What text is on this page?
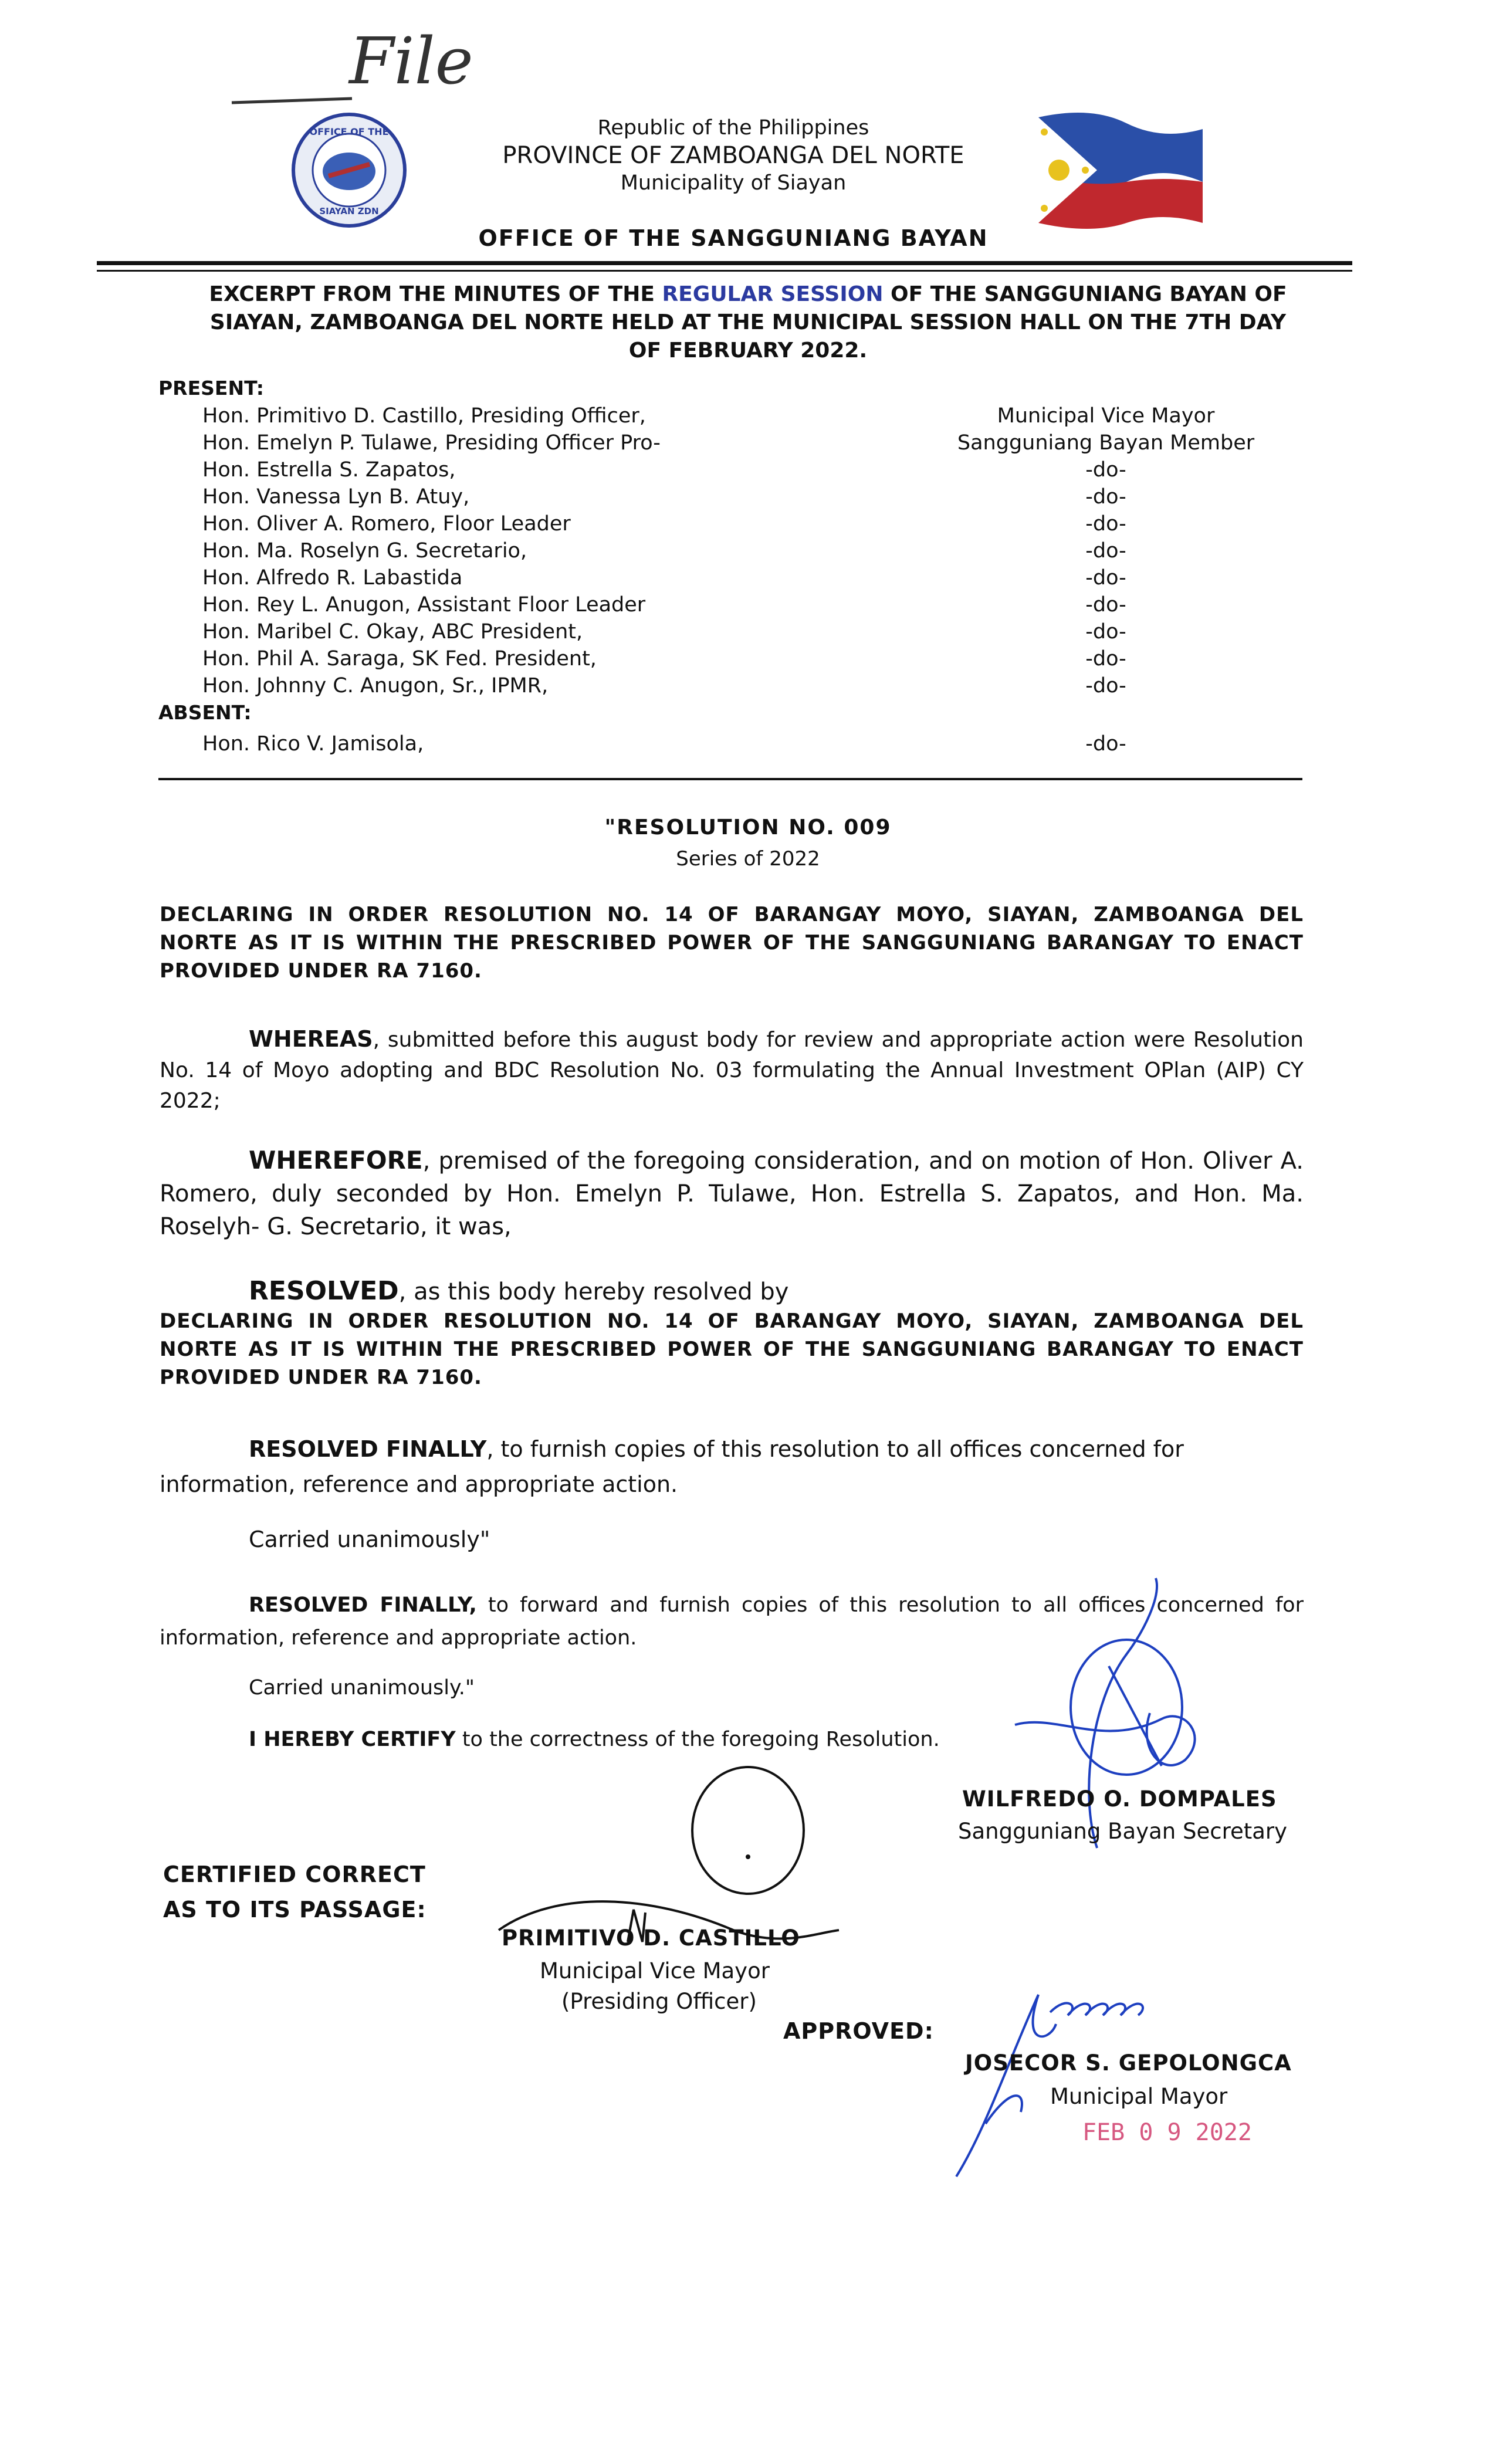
File
OFFICE OF THE
SIAYAN ZDN
Republic of the Philippines
PROVINCE OF ZAMBOANGA DEL NORTE
Municipality of Siayan
OFFICE OF THE SANGGUNIANG BAYAN
EXCERPT FROM THE MINUTES OF THE REGULAR SESSION OF THE SANGGUNIANG BAYAN OF SIAYAN, ZAMBOANGA DEL NORTE HELD AT THE MUNICIPAL SESSION HALL ON THE 7TH DAY OF FEBRUARY 2022.
PRESENT:
Hon. Primitivo D. Castillo, Presiding Officer,	Municipal Vice Mayor
Hon. Emelyn P. Tulawe, Presiding Officer Pro-	Sangguniang Bayan Member
Hon. Estrella S. Zapatos,	-do-
Hon. Vanessa Lyn B. Atuy,	-do-
Hon. Oliver A. Romero, Floor Leader	-do-
Hon. Ma. Roselyn G. Secretario,	-do-
Hon. Alfredo R. Labastida	-do-
Hon. Rey L. Anugon, Assistant Floor Leader	-do-
Hon. Maribel C. Okay, ABC President,	-do-
Hon. Phil A. Saraga, SK Fed. President,	-do-
Hon. Johnny C. Anugon, Sr., IPMR,	-do-
ABSENT:
Hon. Rico V. Jamisola,	-do-
"RESOLUTION NO. 009
Series of 2022
DECLARING IN ORDER RESOLUTION NO. 14 OF BARANGAY MOYO, SIAYAN, ZAMBOANGA DEL NORTE AS IT IS WITHIN THE PRESCRIBED POWER OF THE SANGGUNIANG BARANGAY TO ENACT PROVIDED UNDER RA 7160.
WHEREAS, submitted before this august body for review and appropriate action were Resolution No. 14 of Moyo adopting and BDC Resolution No. 03 formulating the Annual Investment OPlan (AIP) CY 2022;
WHEREFORE, premised of the foregoing consideration, and on motion of Hon. Oliver A. Romero, duly seconded by Hon. Emelyn P. Tulawe, Hon. Estrella S. Zapatos, and Hon. Ma. Roselyh- G. Secretario, it was,
RESOLVED, as this body hereby resolved by
DECLARING IN ORDER RESOLUTION NO. 14 OF BARANGAY MOYO, SIAYAN, ZAMBOANGA DEL NORTE AS IT IS WITHIN THE PRESCRIBED POWER OF THE SANGGUNIANG BARANGAY TO ENACT PROVIDED UNDER RA 7160.
RESOLVED FINALLY, to furnish copies of this resolution to all offices concerned for information, reference and appropriate action.
Carried unanimously"
RESOLVED FINALLY, to forward and furnish copies of this resolution to all offices concerned for information, reference and appropriate action.
Carried unanimously."
I HEREBY CERTIFY to the correctness of the foregoing Resolution.
WILFREDO O. DOMPALES
Sangguniang Bayan Secretary
CERTIFIED CORRECT
AS TO ITS PASSAGE:
PRIMITIVO D. CASTILLO
Municipal Vice Mayor
(Presiding Officer)
APPROVED:
JOSECOR S. GEPOLONGCA
Municipal Mayor
FEB 0 9 2022
